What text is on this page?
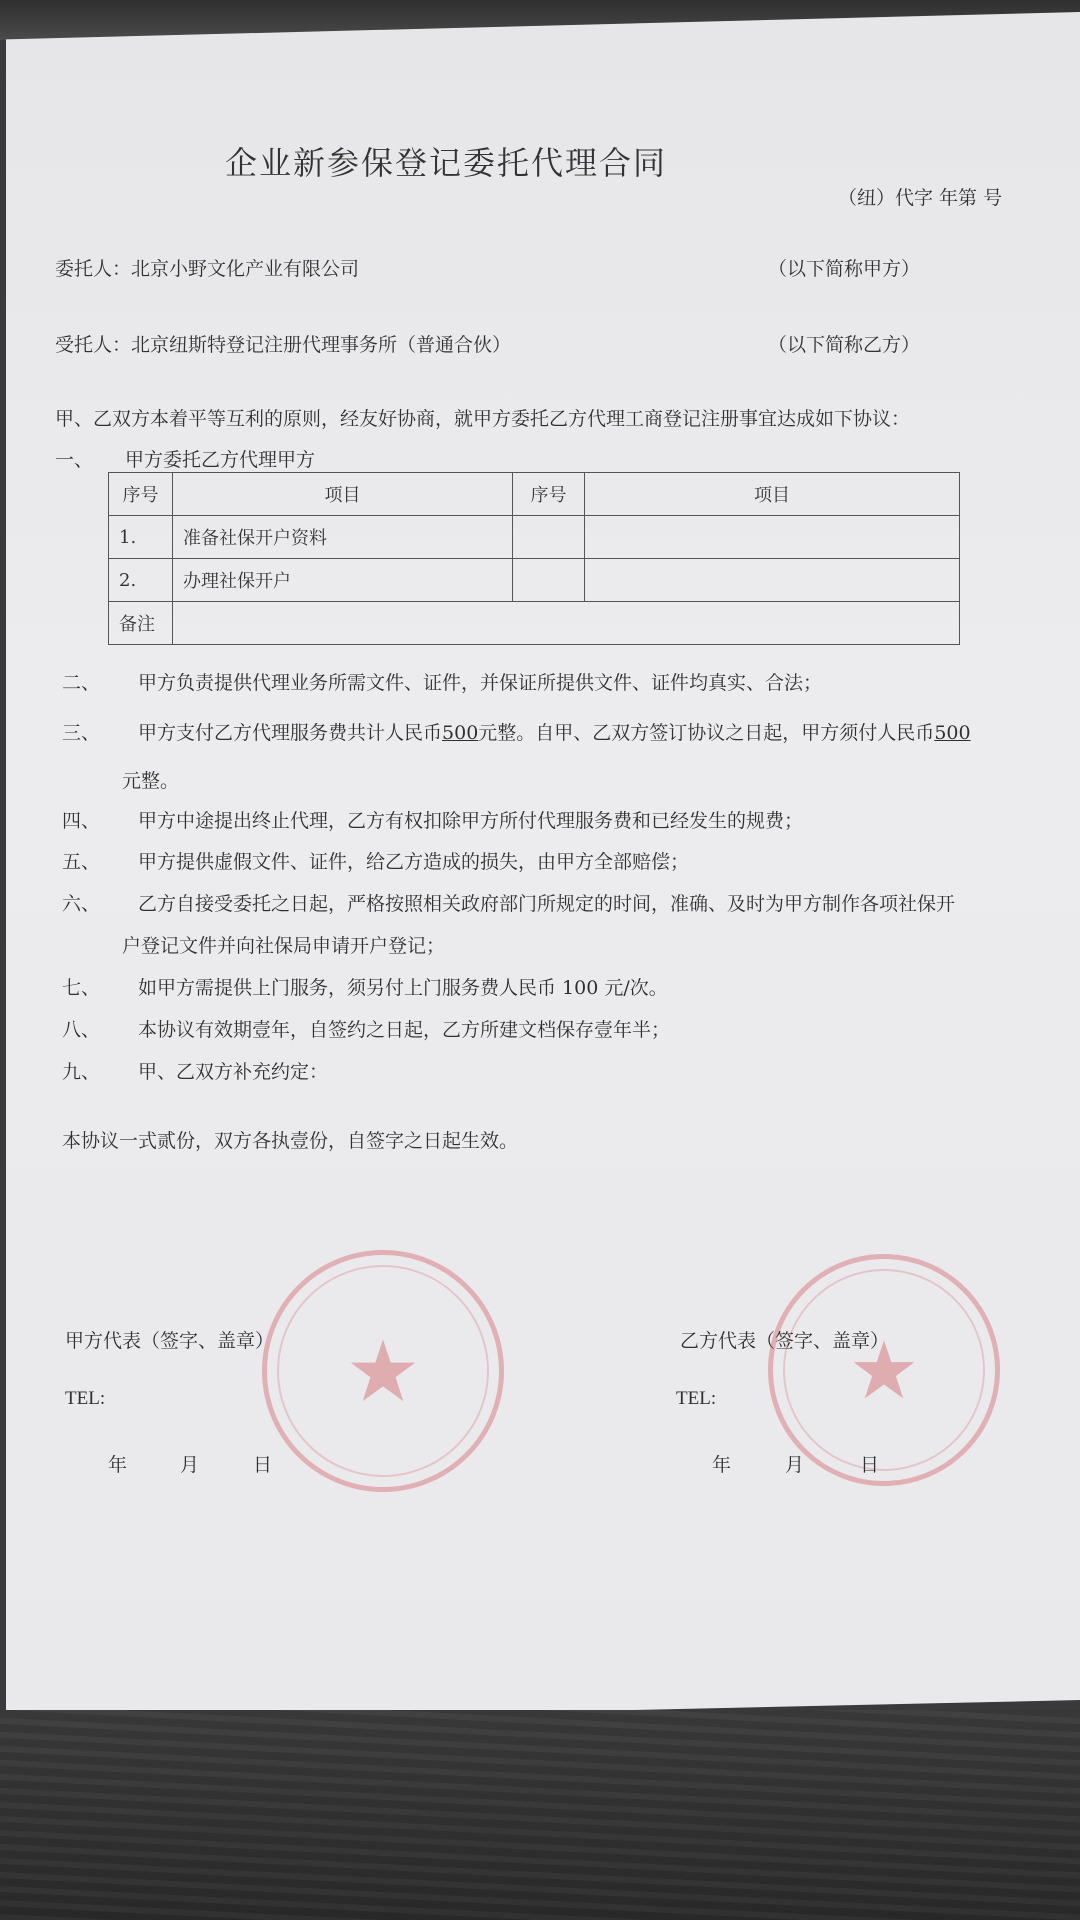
企业新参保登记委托代理合同
（纽）代字 年第 号
委托人：北京小野文化产业有限公司	（以下简称甲方）
受托人：北京纽斯特登记注册代理事务所（普通合伙）	（以下简称乙方）
甲、乙双方本着平等互利的原则，经友好协商，就甲方委托乙方代理工商登记注册事宜达成如下协议：
一、 甲方委托乙方代理甲方
序号	项目	序号	项目
1.	准备社保开户资料		
2.	办理社保开户		
备注			
二、 甲方负责提供代理业务所需文件、证件，并保证所提供文件、证件均真实、合法；
三、 甲方支付乙方代理服务费共计人民币500元整。自甲、乙双方签订协议之日起，甲方须付人民币500
元整。
四、 甲方中途提出终止代理，乙方有权扣除甲方所付代理服务费和已经发生的规费；
五、 甲方提供虚假文件、证件，给乙方造成的损失，由甲方全部赔偿；
六、 乙方自接受委托之日起，严格按照相关政府部门所规定的时间，准确、及时为甲方制作各项社保开
户登记文件并向社保局申请开户登记；
七、 如甲方需提供上门服务，须另付上门服务费人民币 100 元/次。
八、 本协议有效期壹年，自签约之日起，乙方所建文档保存壹年半；
九、 甲、乙双方补充约定：
本协议一式贰份，双方各执壹份，自签字之日起生效。
甲方代表（签字、盖章）
TEL:
年	月	日
乙方代表（签字、盖章）
TEL:
年	月	日
